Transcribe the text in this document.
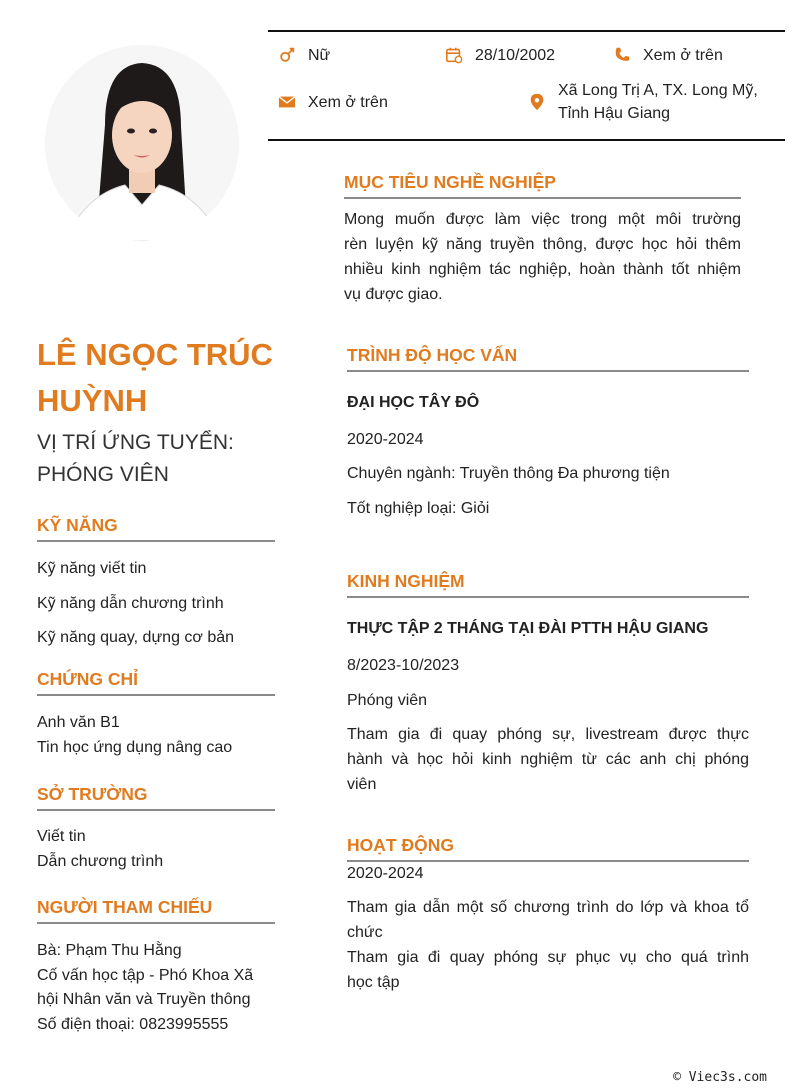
Nữ	28/10/2002	Xem ở trên
Xem ở trên
Xã Long Trị A, TX. Long Mỹ,
Tỉnh Hậu Giang
LÊ NGỌC TRÚC
HUỲNH
VỊ TRÍ ỨNG TUYỂN:
PHÓNG VIÊN
KỸ NĂNG
Kỹ năng viết tin
Kỹ năng dẫn chương trình
Kỹ năng quay, dựng cơ bản
CHỨNG CHỈ
Anh văn B1
Tin học ứng dụng nâng cao
SỞ TRƯỜNG
Viết tin
Dẫn chương trình
NGƯỜI THAM CHIẾU
Bà: Phạm Thu Hằng
Cố vấn học tập - Phó Khoa Xã
hội Nhân văn và Truyền thông
Số điện thoại: 0823995555
MỤC TIÊU NGHỀ NGHIỆP
Mong muốn được làm việc trong một môi trường
rèn luyện kỹ năng truyền thông, được học hỏi thêm
nhiều kinh nghiệm tác nghiệp, hoàn thành tốt nhiệm
vụ được giao.
TRÌNH ĐỘ HỌC VẤN
ĐẠI HỌC TÂY ĐÔ
2020-2024
Chuyên ngành: Truyền thông Đa phương tiện
Tốt nghiệp loại: Giỏi
KINH NGHIỆM
THỰC TẬP 2 THÁNG TẠI ĐÀI PTTH HẬU GIANG
8/2023-10/2023
Phóng viên
Tham gia đi quay phóng sự, livestream được thực
hành và học hỏi kinh nghiệm từ các anh chị phóng
viên
HOẠT ĐỘNG
2020-2024
Tham gia dẫn một số chương trình do lớp và khoa tổ
chức
Tham gia đi quay phóng sự phục vụ cho quá trình
học tập
© Viec3s.com
